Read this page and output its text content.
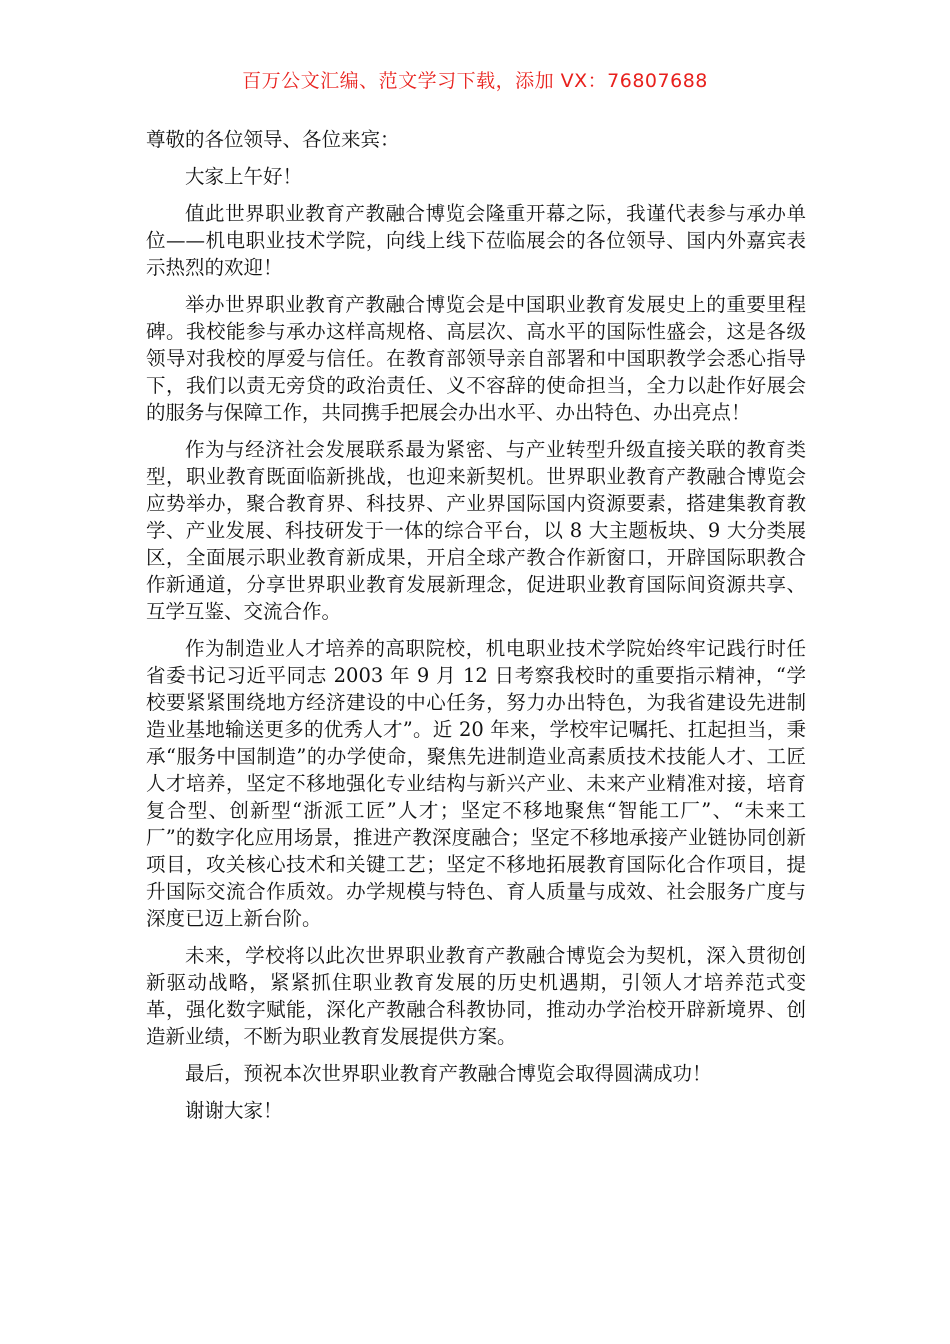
百万公文汇编、范文学习下载，添加 VX：76807688

尊敬的各位领导、各位来宾：

大家上午好！

值此世界职业教育产教融合博览会隆重开幕之际，我谨代表参与承办单位——机电职业技术学院，向线上线下莅临展会的各位领导、国内外嘉宾表示热烈的欢迎！

举办世界职业教育产教融合博览会是中国职业教育发展史上的重要里程碑。我校能参与承办这样高规格、高层次、高水平的国际性盛会，这是各级领导对我校的厚爱与信任。在教育部领导亲自部署和中国职教学会悉心指导下，我们以责无旁贷的政治责任、义不容辞的使命担当，全力以赴作好展会的服务与保障工作，共同携手把展会办出水平、办出特色、办出亮点！

作为与经济社会发展联系最为紧密、与产业转型升级直接关联的教育类型，职业教育既面临新挑战，也迎来新契机。世界职业教育产教融合博览会应势举办，聚合教育界、科技界、产业界国际国内资源要素，搭建集教育教学、产业发展、科技研发于一体的综合平台，以 8 大主题板块、9 大分类展区，全面展示职业教育新成果，开启全球产教合作新窗口，开辟国际职教合作新通道，分享世界职业教育发展新理念，促进职业教育国际间资源共享、互学互鉴、交流合作。

作为制造业人才培养的高职院校，机电职业技术学院始终牢记践行时任省委书记习近平同志 2003 年 9 月 12 日考察我校时的重要指示精神，“学校要紧紧围绕地方经济建设的中心任务，努力办出特色，为我省建设先进制造业基地输送更多的优秀人才”。近 20 年来，学校牢记嘱托、扛起担当，秉承“服务中国制造”的办学使命，聚焦先进制造业高素质技术技能人才、工匠人才培养，坚定不移地强化专业结构与新兴产业、未来产业精准对接，培育复合型、创新型“浙派工匠”人才；坚定不移地聚焦“智能工厂”、“未来工厂”的数字化应用场景，推进产教深度融合；坚定不移地承接产业链协同创新项目，攻关核心技术和关键工艺；坚定不移地拓展教育国际化合作项目，提升国际交流合作质效。办学规模与特色、育人质量与成效、社会服务广度与深度已迈上新台阶。

未来，学校将以此次世界职业教育产教融合博览会为契机，深入贯彻创新驱动战略，紧紧抓住职业教育发展的历史机遇期，引领人才培养范式变革，强化数字赋能，深化产教融合科教协同，推动办学治校开辟新境界、创造新业绩，不断为职业教育发展提供方案。

最后，预祝本次世界职业教育产教融合博览会取得圆满成功！

谢谢大家！
